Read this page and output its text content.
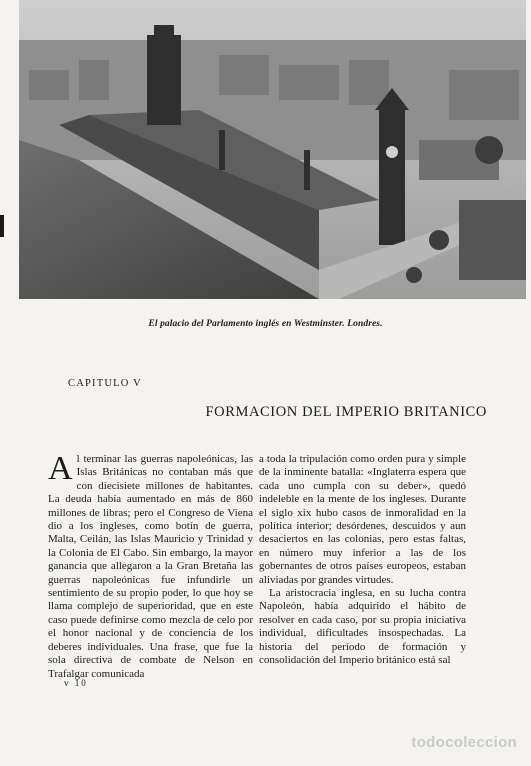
El palacio del Parlamento inglés en Westminster. Londres.
CAPITULO V
FORMACION DEL IMPERIO BRITANICO

Al terminar las guerras napoleónicas, las Islas Británicas no contaban más que con diecisiete millones de habitantes. La deuda había aumentado en más de 860 millones de libras; pero el Congreso de Viena dio a los ingleses, como botín de guerra, Malta, Ceilán, las Islas Mauricio y Trinidad y la Colonia de El Cabo. Sin embargo, la mayor ganancia que allegaron a la Gran Bretaña las guerras napoleónicas fue infundirle un sentimiento de su propio poder, lo que hoy se llama complejo de superioridad, que en este caso puede definirse como mezcla de celo por el honor nacional y de conciencia de los deberes individuales. Una frase, que fue la sola directiva de combate de Nelson en Trafalgar comunicada

a toda la tripulación como orden pura y simple de la inminente batalla: «Inglaterra espera que cada uno cumpla con su deber», quedó indeleble en la mente de los ingleses. Durante el siglo xix hubo casos de inmoralidad en la política interior; desórdenes, descuidos y aun desaciertos en las colonias, pero estas faltas, en número muy inferior a las de los gobernantes de otros países europeos, estaban aliviadas por grandes virtudes.

La aristocracia inglesa, en su lucha contra Napoleón, había adquirido el hábito de resolver en cada caso, por su propia iniciativa individual, dificultades insospechadas. La historia del período de formación y consolidación del Imperio británico está sal

v 10
todocoleccion
